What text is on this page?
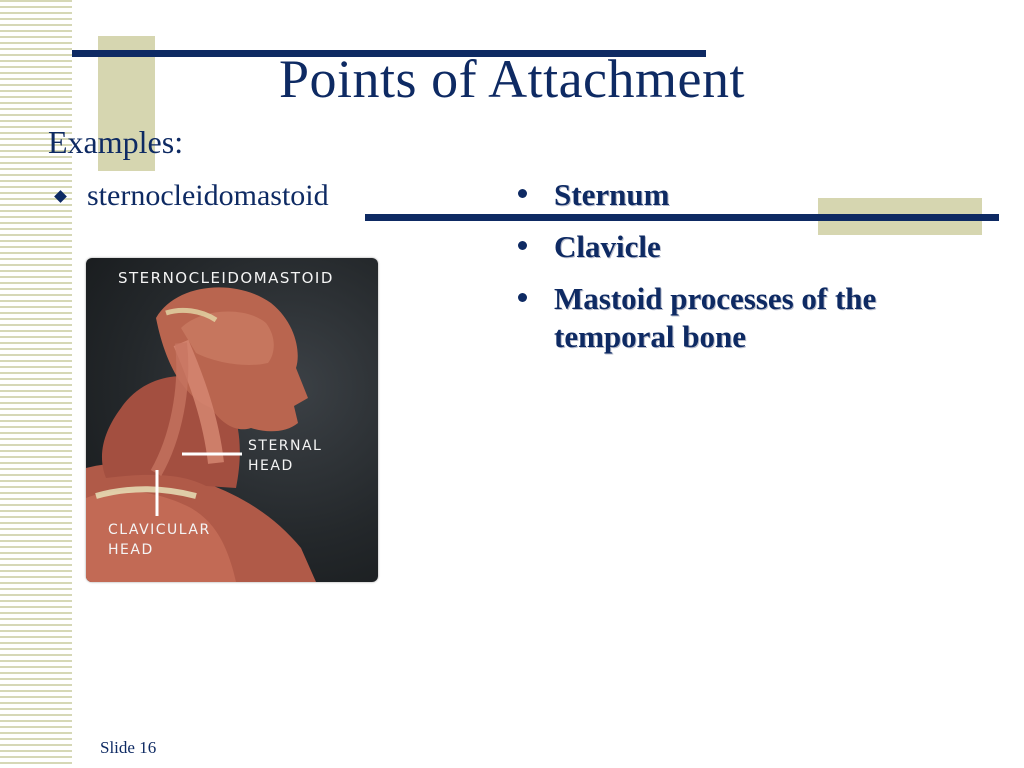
Points of Attachment
Examples:
sternocleidomastoid	Sternum
Clavicle
Mastoid processes of the temporal bone
STERNOCLEIDOMASTOID
STERNAL
HEAD
CLAVICULAR
HEAD
Slide 16
